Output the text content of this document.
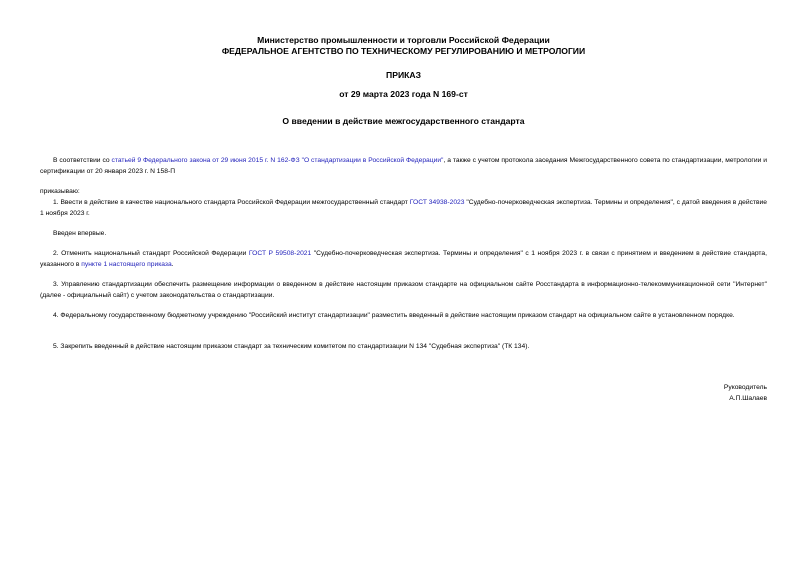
Министерство промышленности и торговли Российской Федерации
ФЕДЕРАЛЬНОЕ АГЕНТСТВО ПО ТЕХНИЧЕСКОМУ РЕГУЛИРОВАНИЮ И МЕТРОЛОГИИ
ПРИКАЗ
от 29 марта 2023 года N 169-ст
О введении в действие межгосударственного стандарта
В соответствии со статьей 9 Федерального закона от 29 июня 2015 г. N 162-ФЗ "О стандартизации в Российской Федерации", а также с учетом протокола заседания Межгосударственного совета по стандартизации, метрологии и сертификации от 20 января 2023 г. N 158-П
приказываю:
1. Ввести в действие в качестве национального стандарта Российской Федерации межгосударственный стандарт ГОСТ 34938-2023 "Судебно-почерковедческая экспертиза. Термины и определения", с датой введения в действие 1 ноября 2023 г.
Введен впервые.
2. Отменить национальный стандарт Российской Федерации ГОСТ Р 59508-2021 "Судебно-почерковедческая экспертиза. Термины и определения" с 1 ноября 2023 г. в связи с принятием и введением в действие стандарта, указанного в пункте 1 настоящего приказа.
3. Управлению стандартизации обеспечить размещение информации о введенном в действие настоящим приказом стандарте на официальном сайте Росстандарта в информационно-телекоммуникационной сети "Интернет" (далее - официальный сайт) с учетом законодательства о стандартизации.
4. Федеральному государственному бюджетному учреждению "Российский институт стандартизации" разместить введенный в действие настоящим приказом стандарт на официальном сайте в установленном порядке.
5. Закрепить введенный в действие настоящим приказом стандарт за техническим комитетом по стандартизации N 134 "Судебная экспертиза" (ТК 134).
Руководитель
А.П.Шалаев
